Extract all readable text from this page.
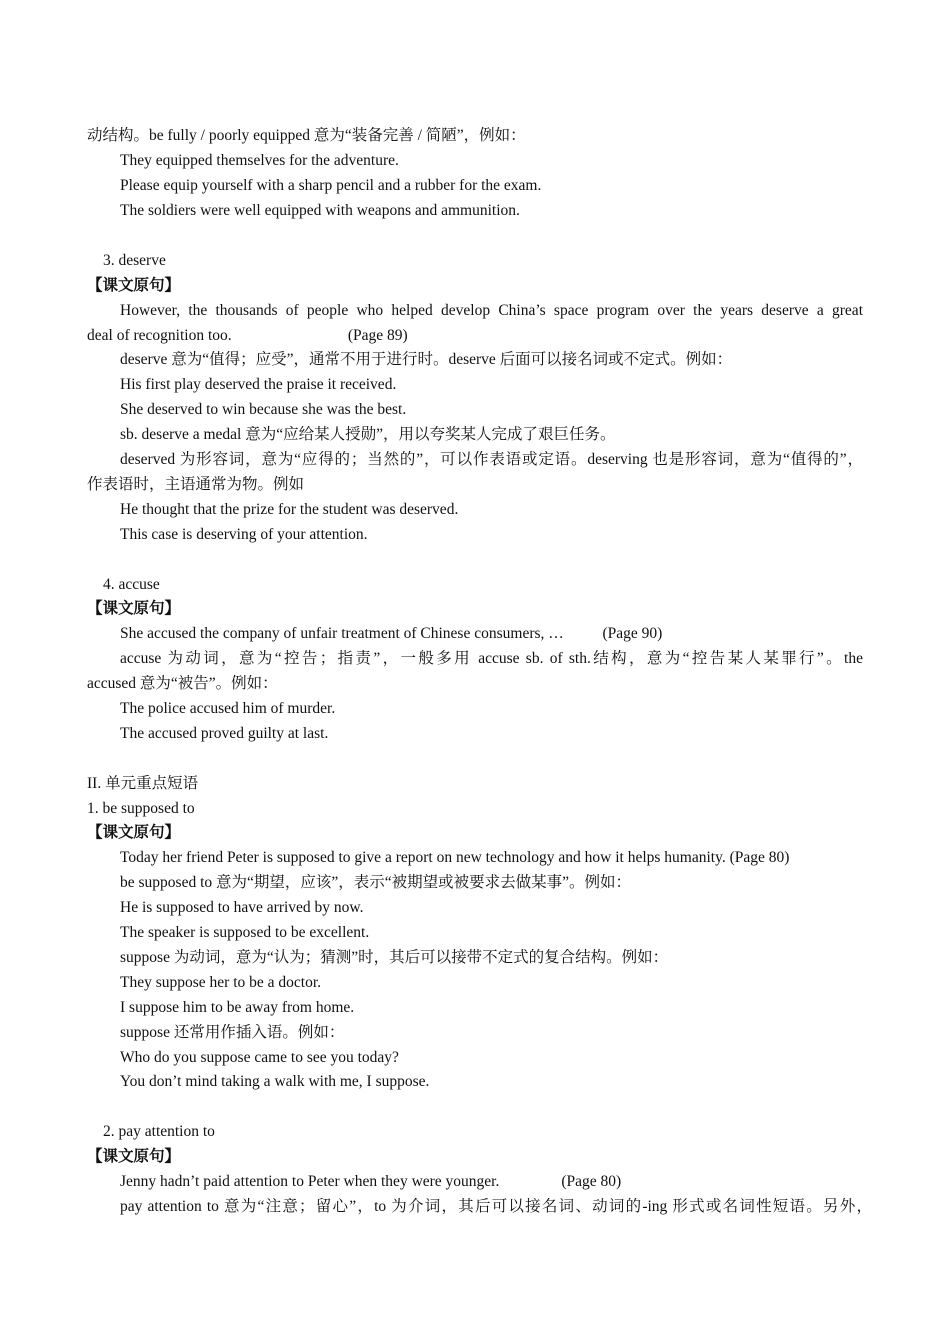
动结构。be fully / poorly equipped 意为“装备完善 / 简陋”，例如：
They equipped themselves for the adventure.
Please equip yourself with a sharp pencil and a rubber for the exam.
The soldiers were well equipped with weapons and ammunition.
3. deserve
【课文原句】
However, the thousands of people who helped develop China’s space program over the years deserve a great
deal of recognition too.                              (Page 89)
deserve 意为“值得；应受”，通常不用于进行时。deserve 后面可以接名词或不定式。例如：
His first play deserved the praise it received.
She deserved to win because she was the best.
sb. deserve a medal 意为“应给某人授勋”，用以夸奖某人完成了艰巨任务。
deserved 为形容词，意为“应得的；当然的”，可以作表语或定语。deserving 也是形容词，意为“值得的”，
作表语时，主语通常为物。例如
He thought that the prize for the student was deserved.
This case is deserving of your attention.
4. accuse
【课文原句】
She accused the company of unfair treatment of Chinese consumers, …          (Page 90)
accuse 为动词，意为“控告；指责”，一般多用 accuse sb. of sth.结构，意为“控告某人某罪行”。the
accused 意为“被告”。例如：
The police accused him of murder.
The accused proved guilty at last.
II. 单元重点短语
1. be supposed to
【课文原句】
Today her friend Peter is supposed to give a report on new technology and how it helps humanity. (Page 80)
be supposed to 意为“期望，应该”，表示“被期望或被要求去做某事”。例如：
He is supposed to have arrived by now.
The speaker is supposed to be excellent.
suppose 为动词，意为“认为；猜测”时，其后可以接带不定式的复合结构。例如：
They suppose her to be a doctor.
I suppose him to be away from home.
suppose 还常用作插入语。例如：
Who do you suppose came to see you today?
You don’t mind taking a walk with me, I suppose.
2. pay attention to
【课文原句】
Jenny hadn’t paid attention to Peter when they were younger.                (Page 80)
pay attention to 意为“注意；留心”，to 为介词，其后可以接名词、动词的-ing 形式或名词性短语。另外，
